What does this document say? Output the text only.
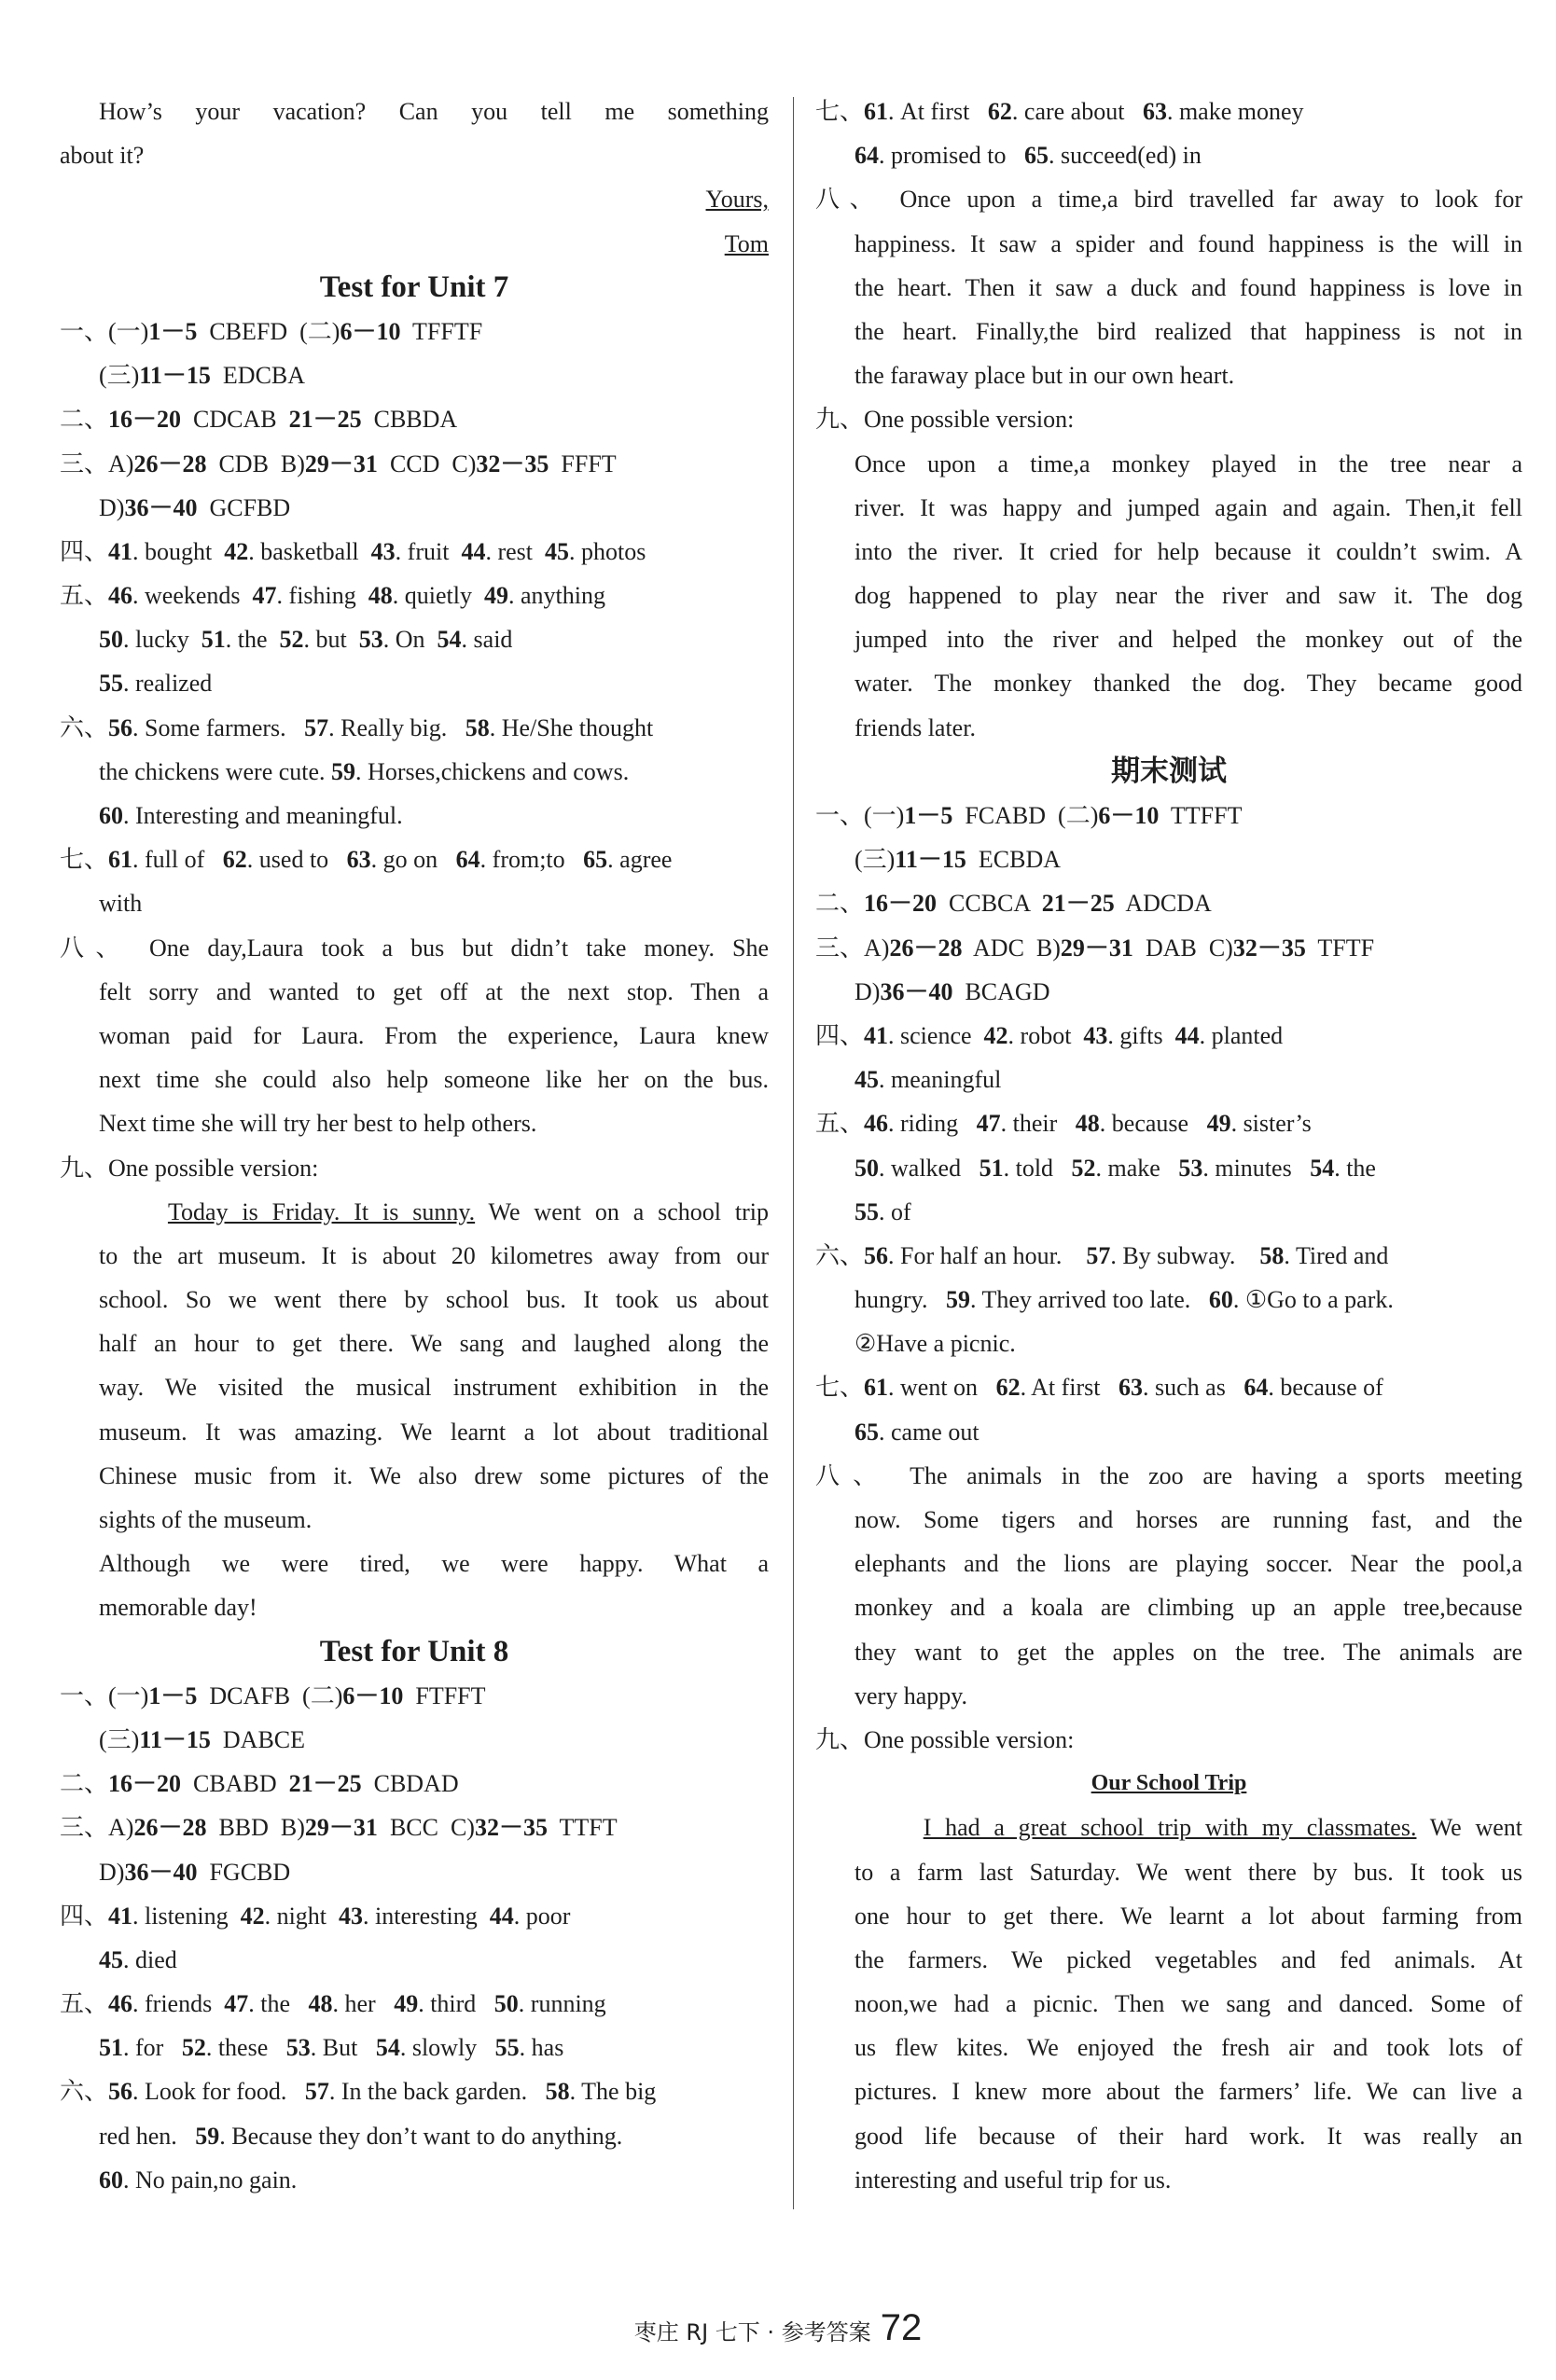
How’s your vacation? Can you tell me something
about it?
Yours,
Tom
Test for Unit 7
一、(一)1－5  CBEFD  (二)6－10  TFFTF
(三)11－15  EDCBA
二、16－20  CDCAB  21－25  CBBDA
三、A)26－28  CDB  B)29－31  CCD  C)32－35  FFFT
D)36－40  GCFBD
四、41. bought  42. basketball  43. fruit  44. rest  45. photos
五、46. weekends  47. fishing  48. quietly  49. anything
50. lucky  51. the  52. but  53. On  54. said
55. realized
六、56. Some farmers.   57. Really big.   58. He/She thought
the chickens were cute. 59. Horses,chickens and cows.
60. Interesting and meaningful.
七、61. full of   62. used to   63. go on   64. from;to   65. agree
with
八、 One day,Laura took a bus but didn’t take money. She
felt sorry and wanted to get off at the next stop. Then a
woman paid for Laura. From the experience, Laura knew
next time she could also help someone like her on the bus.
Next time she will try her best to help others.
九、One possible version:
Today is Friday. It is sunny. We went on a school trip
to the art museum. It is about 20 kilometres away from our
school. So we went there by school bus. It took us about
half an hour to get there. We sang and laughed along the
way. We visited the musical instrument exhibition in the
museum. It was amazing. We learnt a lot about traditional
Chinese music from it. We also drew some pictures of the
sights of the museum.
Although we were tired, we were happy. What a
memorable day!
Test for Unit 8
一、(一)1－5  DCAFB  (二)6－10  FTFFT
(三)11－15  DABCE
二、16－20  CBABD  21－25  CBDAD
三、A)26－28  BBD  B)29－31  BCC  C)32－35  TTFT
D)36－40  FGCBD
四、41. listening  42. night  43. interesting  44. poor
45. died
五、46. friends  47. the   48. her   49. third   50. running
51. for   52. these   53. But   54. slowly   55. has
六、56. Look for food.   57. In the back garden.   58. The big
red hen.   59. Because they don’t want to do anything.
60. No pain,no gain.
七、61. At first   62. care about   63. make money
64. promised to   65. succeed(ed) in
八、 Once upon a time,a bird travelled far away to look for
happiness. It saw a spider and found happiness is the will in
the heart. Then it saw a duck and found happiness is love in
the heart. Finally,the bird realized that happiness is not in
the faraway place but in our own heart.
九、One possible version:
Once upon a time,a monkey played in the tree near a
river. It was happy and jumped again and again. Then,it fell
into the river. It cried for help because it couldn’t swim. A
dog happened to play near the river and saw it. The dog
jumped into the river and helped the monkey out of the
water. The monkey thanked the dog. They became good
friends later.
期末测试
一、(一)1－5  FCABD  (二)6－10  TTFFT
(三)11－15  ECBDA
二、16－20  CCBCA  21－25  ADCDA
三、A)26－28  ADC  B)29－31  DAB  C)32－35  TFTF
D)36－40  BCAGD
四、41. science  42. robot  43. gifts  44. planted
45. meaningful
五、46. riding   47. their   48. because   49. sister’s
50. walked   51. told   52. make   53. minutes   54. the
55. of
六、56. For half an hour.    57. By subway.    58. Tired and
hungry.   59. They arrived too late.   60. ①Go to a park.
②Have a picnic.
七、61. went on   62. At first   63. such as   64. because of
65. came out
八、 The animals in the zoo are having a sports meeting
now. Some tigers and horses are running fast, and the
elephants and the lions are playing soccer. Near the pool,a
monkey and a koala are climbing up an apple tree,because
they want to get the apples on the tree. The animals are
very happy.
九、One possible version:
Our School Trip
I had a great school trip with my classmates. We went
to a farm last Saturday. We went there by bus. It took us
one hour to get there. We learnt a lot about farming from
the farmers. We picked vegetables and fed animals. At
noon,we had a picnic. Then we sang and danced. Some of
us flew kites. We enjoyed the fresh air and took lots of
pictures. I knew more about the farmers’ life. We can live a
good life because of their hard work. It was really an
interesting and useful trip for us.
枣庄 RJ 七下 · 参考答案 72
